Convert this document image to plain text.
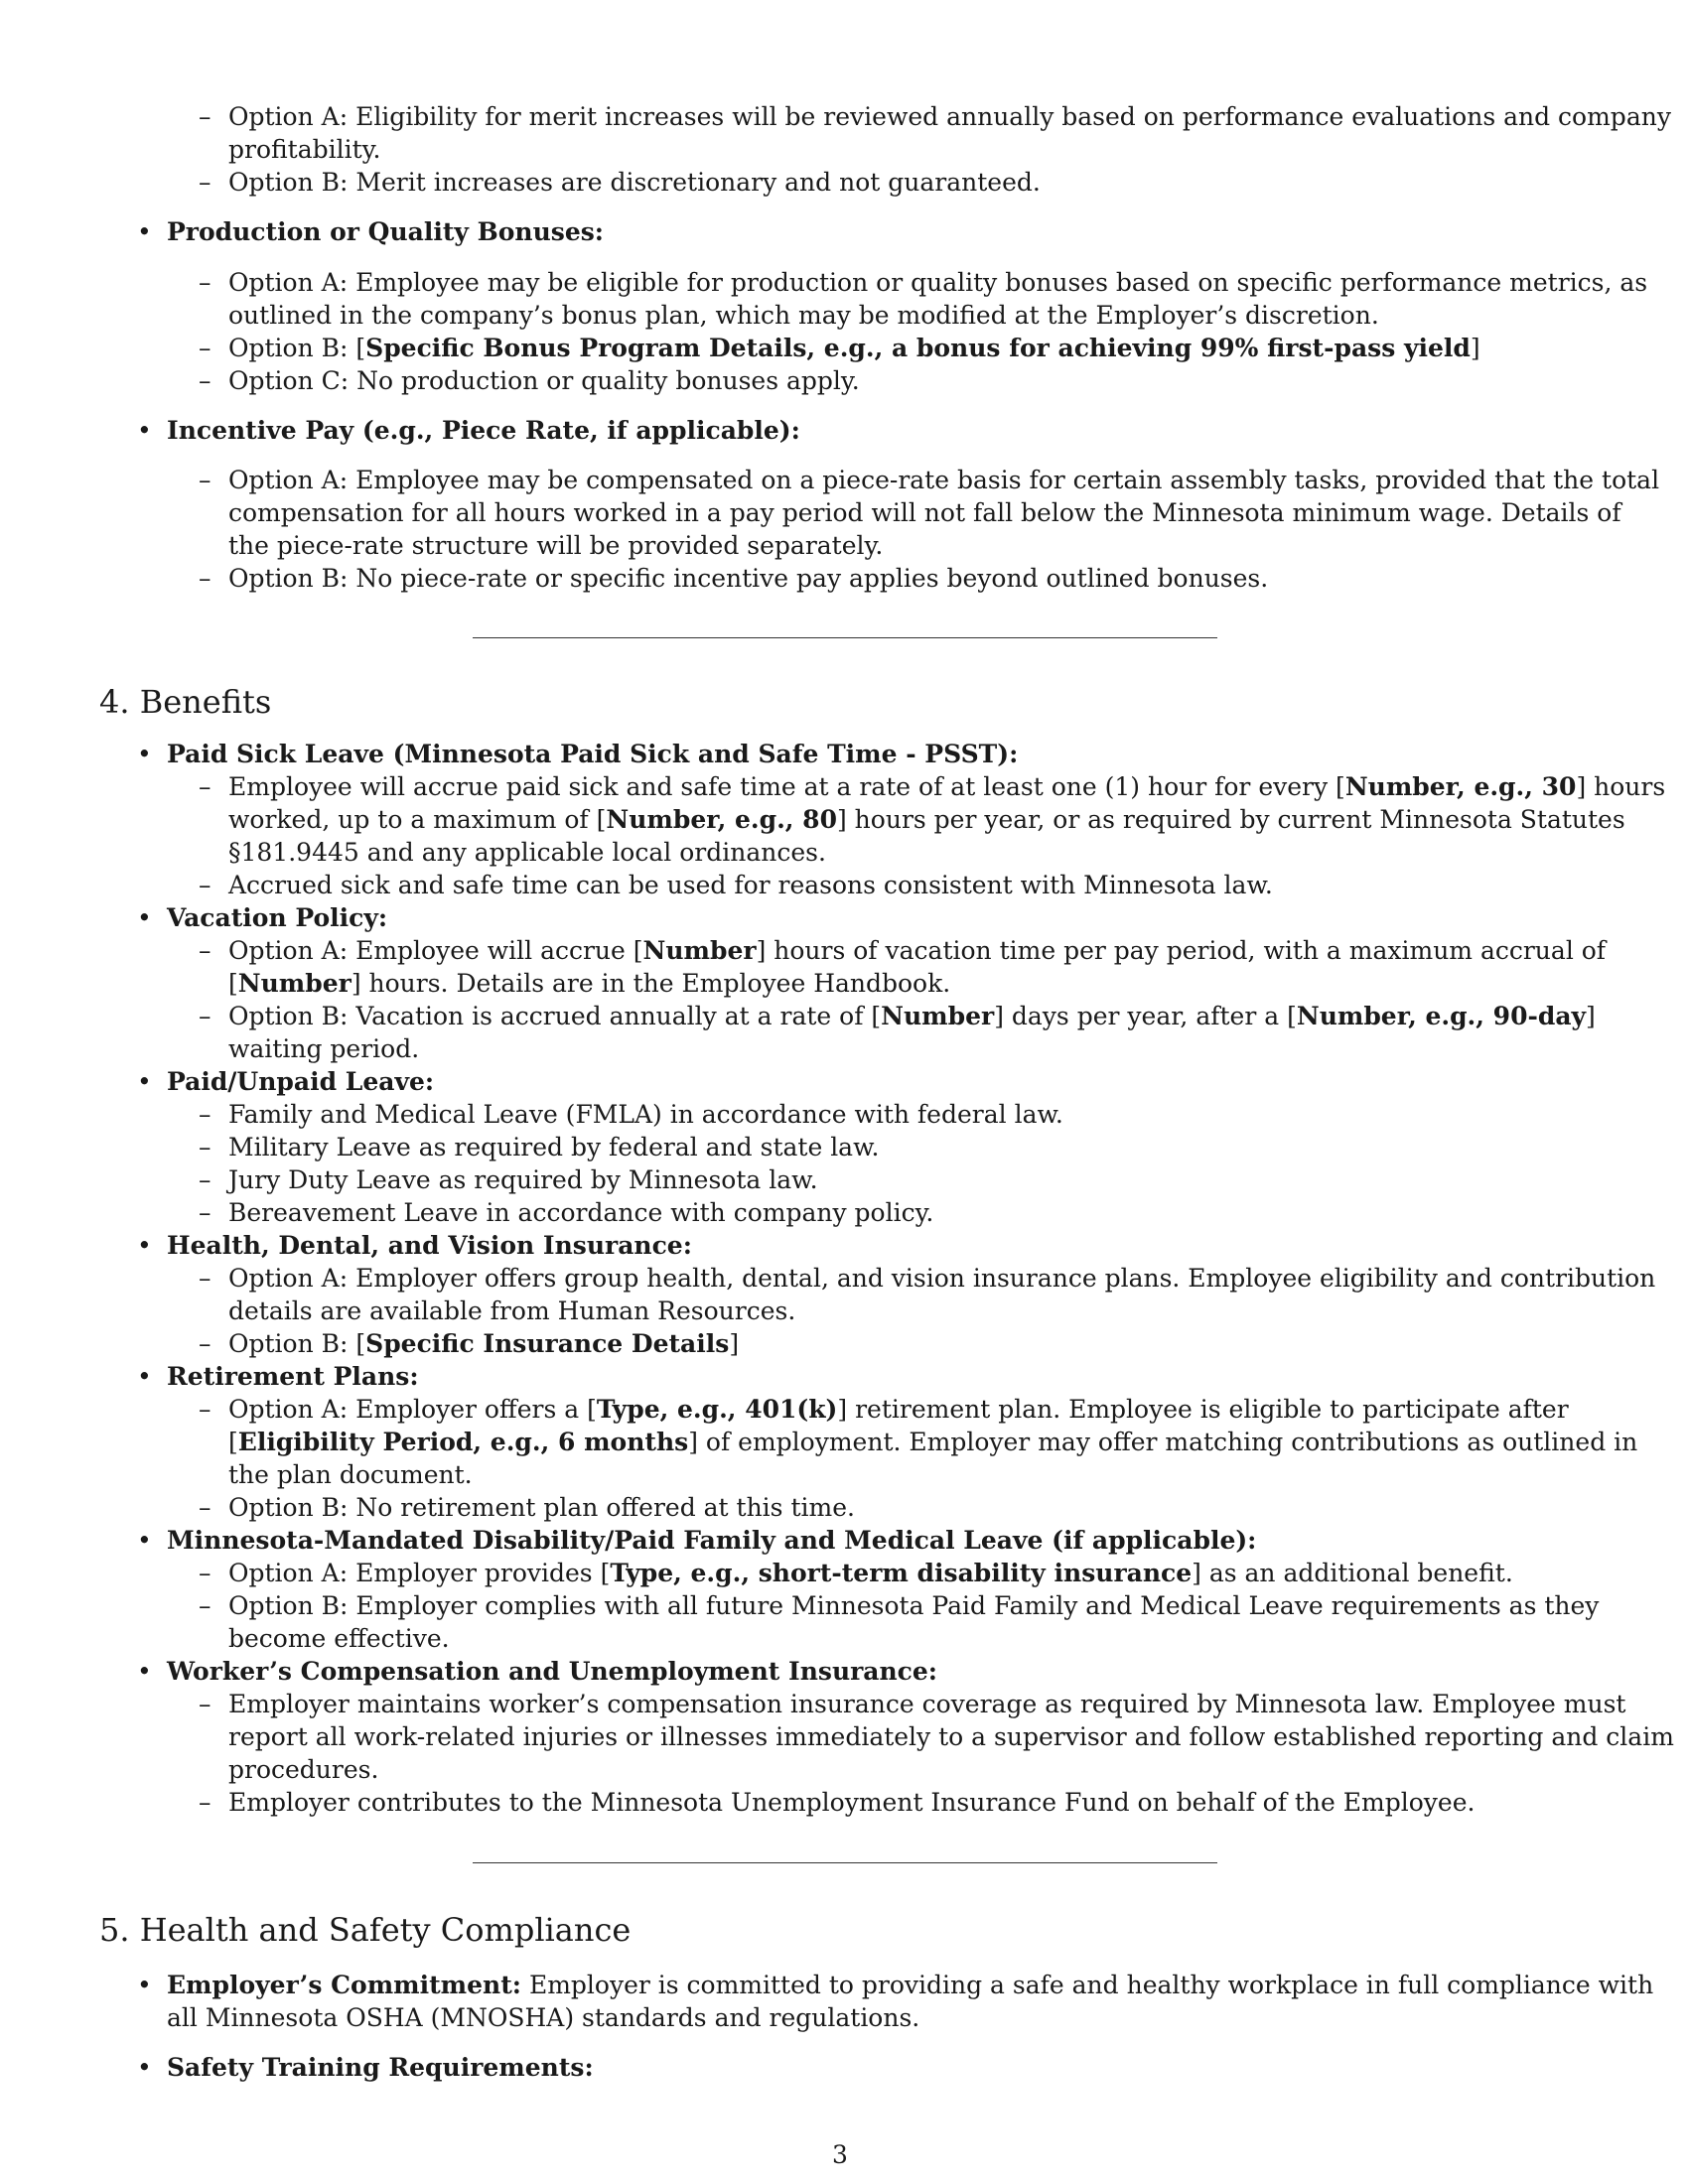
– Option A: Eligibility for merit increases will be reviewed annually based on performance evaluations and company
profitability.
– Option B: Merit increases are discretionary and not guaranteed.
• Production or Quality Bonuses:
– Option A: Employee may be eligible for production or quality bonuses based on specific performance metrics, as
outlined in the company’s bonus plan, which may be modified at the Employer’s discretion.
– Option B: [Specific Bonus Program Details, e.g., a bonus for achieving 99% first-pass yield]
– Option C: No production or quality bonuses apply.
• Incentive Pay (e.g., Piece Rate, if applicable):
– Option A: Employee may be compensated on a piece-rate basis for certain assembly tasks, provided that the total
compensation for all hours worked in a pay period will not fall below the Minnesota minimum wage. Details of
the piece-rate structure will be provided separately.
– Option B: No piece-rate or specific incentive pay applies beyond outlined bonuses.
4. Benefits
• Paid Sick Leave (Minnesota Paid Sick and Safe Time - PSST):
– Employee will accrue paid sick and safe time at a rate of at least one (1) hour for every [Number, e.g., 30] hours
worked, up to a maximum of [Number, e.g., 80] hours per year, or as required by current Minnesota Statutes
§181.9445 and any applicable local ordinances.
– Accrued sick and safe time can be used for reasons consistent with Minnesota law.
• Vacation Policy:
– Option A: Employee will accrue [Number] hours of vacation time per pay period, with a maximum accrual of
[Number] hours. Details are in the Employee Handbook.
– Option B: Vacation is accrued annually at a rate of [Number] days per year, after a [Number, e.g., 90-day]
waiting period.
• Paid/Unpaid Leave:
– Family and Medical Leave (FMLA) in accordance with federal law.
– Military Leave as required by federal and state law.
– Jury Duty Leave as required by Minnesota law.
– Bereavement Leave in accordance with company policy.
• Health, Dental, and Vision Insurance:
– Option A: Employer offers group health, dental, and vision insurance plans. Employee eligibility and contribution
details are available from Human Resources.
– Option B: [Specific Insurance Details]
• Retirement Plans:
– Option A: Employer offers a [Type, e.g., 401(k)] retirement plan. Employee is eligible to participate after
[Eligibility Period, e.g., 6 months] of employment. Employer may offer matching contributions as outlined in
the plan document.
– Option B: No retirement plan offered at this time.
• Minnesota-Mandated Disability/Paid Family and Medical Leave (if applicable):
– Option A: Employer provides [Type, e.g., short-term disability insurance] as an additional benefit.
– Option B: Employer complies with all future Minnesota Paid Family and Medical Leave requirements as they
become effective.
• Worker’s Compensation and Unemployment Insurance:
– Employer maintains worker’s compensation insurance coverage as required by Minnesota law. Employee must
report all work-related injuries or illnesses immediately to a supervisor and follow established reporting and claim
procedures.
– Employer contributes to the Minnesota Unemployment Insurance Fund on behalf of the Employee.
5. Health and Safety Compliance
• Employer’s Commitment: Employer is committed to providing a safe and healthy workplace in full compliance with
all Minnesota OSHA (MNOSHA) standards and regulations.
• Safety Training Requirements:
3
